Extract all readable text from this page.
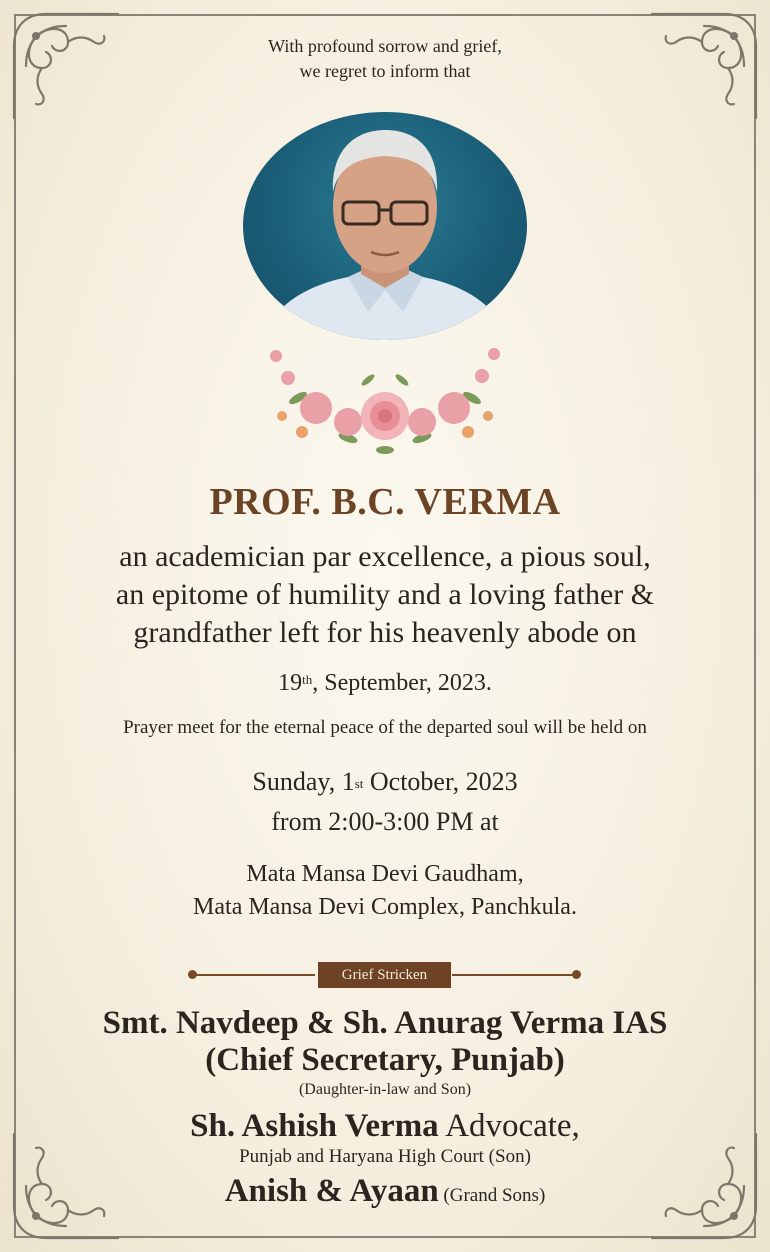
With profound sorrow and grief,
we regret to inform that
PROF. B.C. VERMA
an academician par excellence, a pious soul,
an epitome of humility and a loving father &
grandfather left for his heavenly abode on
19th, September, 2023.
Prayer meet for the eternal peace of the departed soul will be held on
Sunday, 1st October, 2023
from 2:00-3:00 PM at
Mata Mansa Devi Gaudham,
Mata Mansa Devi Complex, Panchkula.
Grief Stricken
Smt. Navdeep & Sh. Anurag Verma IAS
(Chief Secretary, Punjab)
(Daughter-in-law and Son)
Sh. Ashish Verma Advocate,
Punjab and Haryana High Court (Son)
Anish & Ayaan (Grand Sons)
